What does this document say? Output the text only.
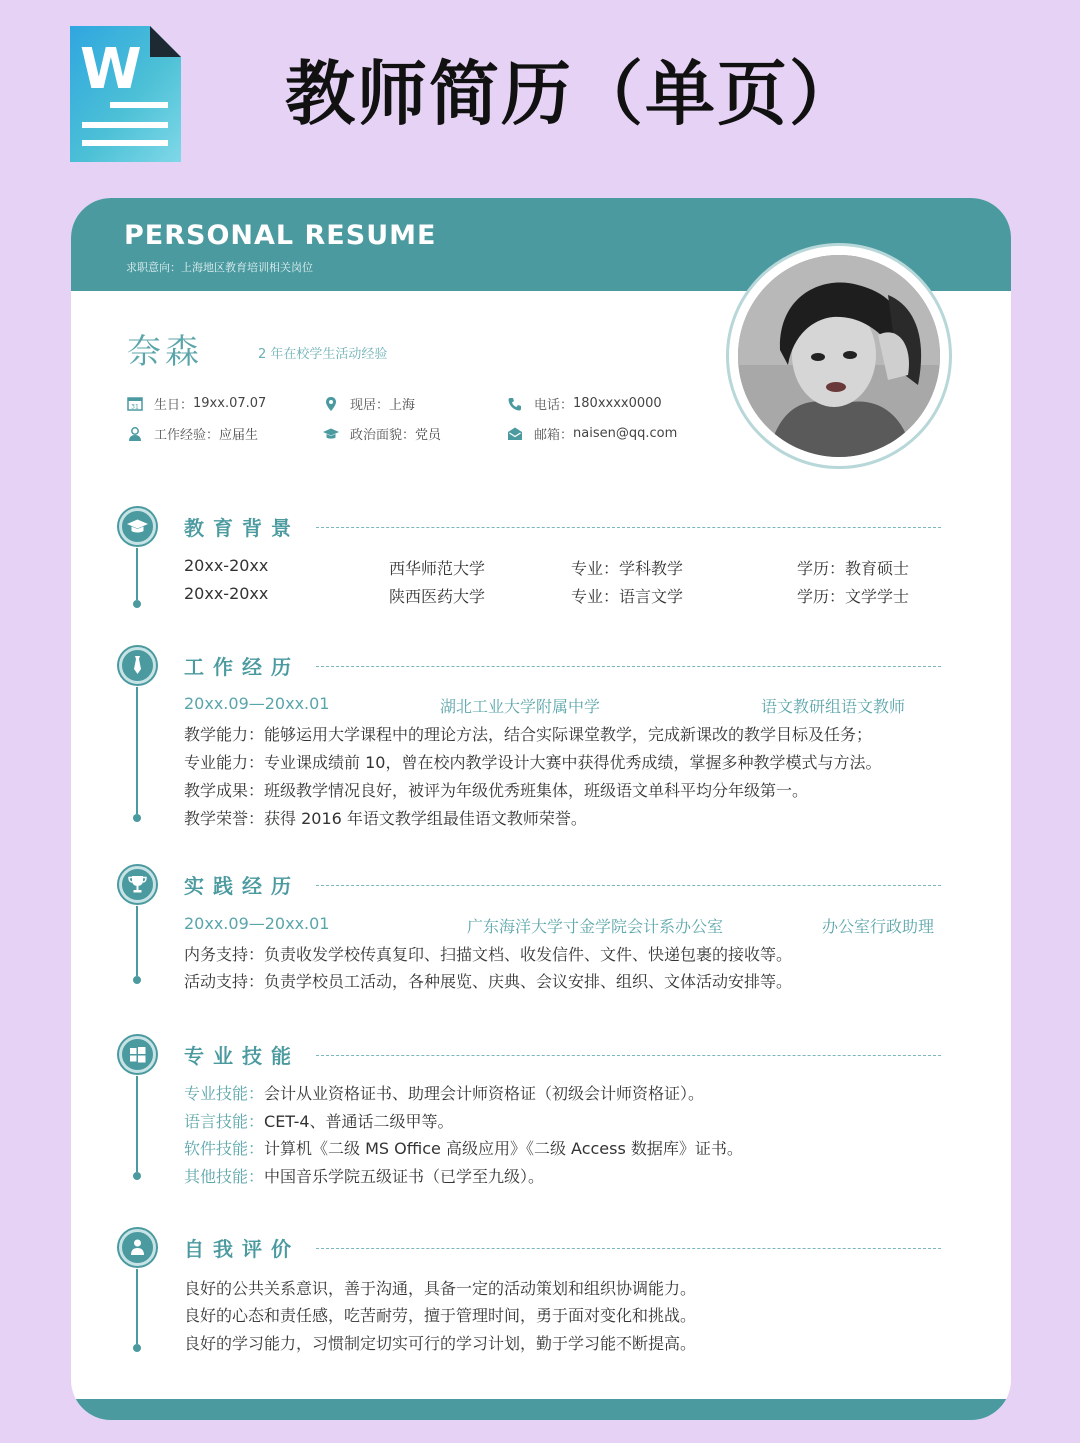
W 教师简历（单页）
PERSONAL RESUME
求职意向：上海地区教育培训相关岗位
奈森	2 年在校学生活动经验
31 生日： 19xx.07.07	现居： 上海	电话： 180xxxx0000
工作经验： 应届生	政治面貌： 党员	邮箱： naisen@qq.com
教育背景
20xx-20xx	西华师范大学	专业：学科教学	学历：教育硕士
20xx-20xx	陕西医药大学	专业：语言文学	学历：文学学士
工作经历
20xx.09—20xx.01	湖北工业大学附属中学	语文教研组语文教师
教学能力：能够运用大学课程中的理论方法，结合实际课堂教学，完成新课改的教学目标及任务；
专业能力：专业课成绩前 10，曾在校内教学设计大赛中获得优秀成绩，掌握多种教学模式与方法。
教学成果：班级教学情况良好，被评为年级优秀班集体，班级语文单科平均分年级第一。
教学荣誉：获得 2016 年语文教学组最佳语文教师荣誉。
实践经历
20xx.09—20xx.01	广东海洋大学寸金学院会计系办公室	办公室行政助理
内务支持：负责收发学校传真复印、扫描文档、收发信件、文件、快递包裹的接收等。
活动支持：负责学校员工活动，各种展览、庆典、会议安排、组织、文体活动安排等。
专业技能
专业技能：会计从业资格证书、助理会计师资格证（初级会计师资格证）。
语言技能：CET-4、普通话二级甲等。
软件技能：计算机《二级 MS Office 高级应用》《二级 Access 数据库》证书。
其他技能：中国音乐学院五级证书（已学至九级）。
自我评价
良好的公共关系意识，善于沟通，具备一定的活动策划和组织协调能力。
良好的心态和责任感，吃苦耐劳，擅于管理时间，勇于面对变化和挑战。
良好的学习能力，习惯制定切实可行的学习计划，勤于学习能不断提高。
